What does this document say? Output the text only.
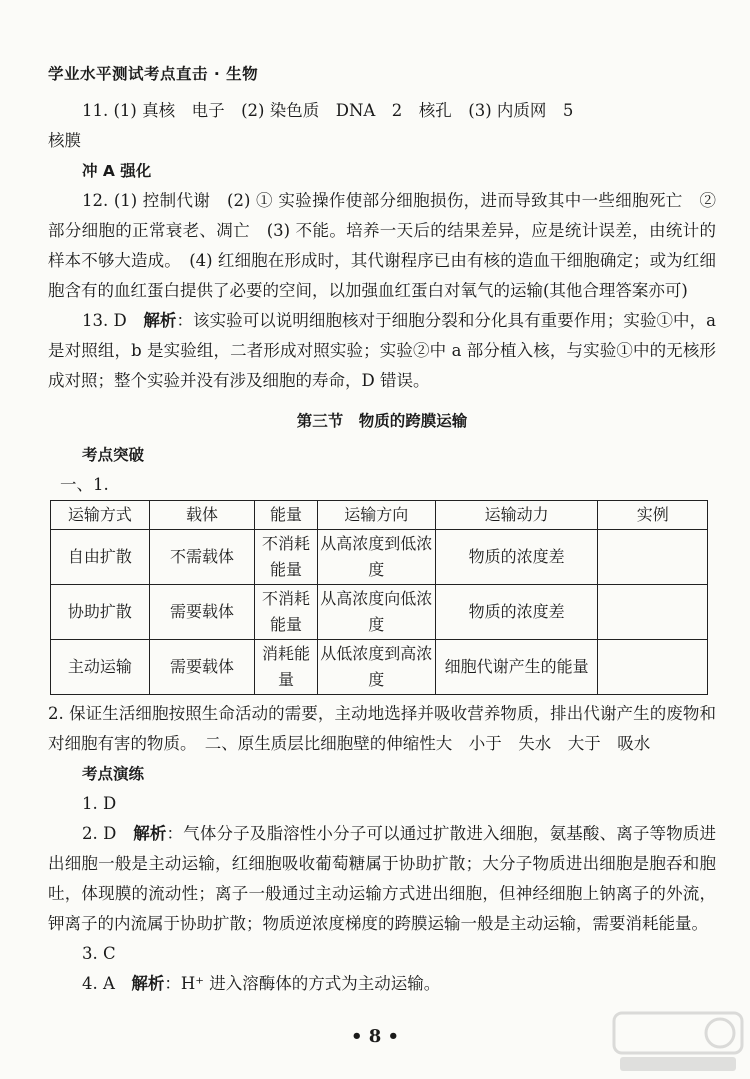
学业水平测试考点直击 · 生物

11. (1) 真核　电子　(2) 染色质　DNA　2　核孔　(3) 内质网　5

核膜

冲 A 强化

12. (1) 控制代谢　(2) ① 实验操作使部分细胞损伤，进而导致其中一些细胞死亡　② 部分细胞的正常衰老、凋亡　(3) 不能。培养一天后的结果差异，应是统计误差，由统计的样本不够大造成。　(4) 红细胞在形成时，其代谢程序已由有核的造血干细胞确定；或为红细胞含有的血红蛋白提供了必要的空间，以加强血红蛋白对氧气的运输(其他合理答案亦可)

13. D　解析：该实验可以说明细胞核对于细胞分裂和分化具有重要作用；实验①中，a 是对照组，b 是实验组，二者形成对照实验；实验②中 a 部分植入核，与实验①中的无核形成对照；整个实验并没有涉及细胞的寿命，D 错误。

第三节　物质的跨膜运输

考点突破

一、1.

运输方式	载体	能量	运输方向	运输动力	实例
自由扩散	不需载体	不消耗能量	从高浓度到低浓度	物质的浓度差	
协助扩散	需要载体	不消耗能量	从高浓度向低浓度	物质的浓度差	
主动运输	需要载体	消耗能量	从低浓度到高浓度	细胞代谢产生的能量	

2. 保证生活细胞按照生命活动的需要，主动地选择并吸收营养物质，排出代谢产生的废物和对细胞有害的物质。　二、原生质层比细胞壁的伸缩性大　小于　失水　大于　吸水

考点演练

1. D

2. D　解析：气体分子及脂溶性小分子可以通过扩散进入细胞，氨基酸、离子等物质进出细胞一般是主动运输，红细胞吸收葡萄糖属于协助扩散；大分子物质进出细胞是胞吞和胞吐，体现膜的流动性；离子一般通过主动运输方式进出细胞，但神经细胞上钠离子的外流，钾离子的内流属于协助扩散；物质逆浓度梯度的跨膜运输一般是主动运输，需要消耗能量。

3. C

4. A　解析：H⁺ 进入溶酶体的方式为主动运输。

• 8 •
